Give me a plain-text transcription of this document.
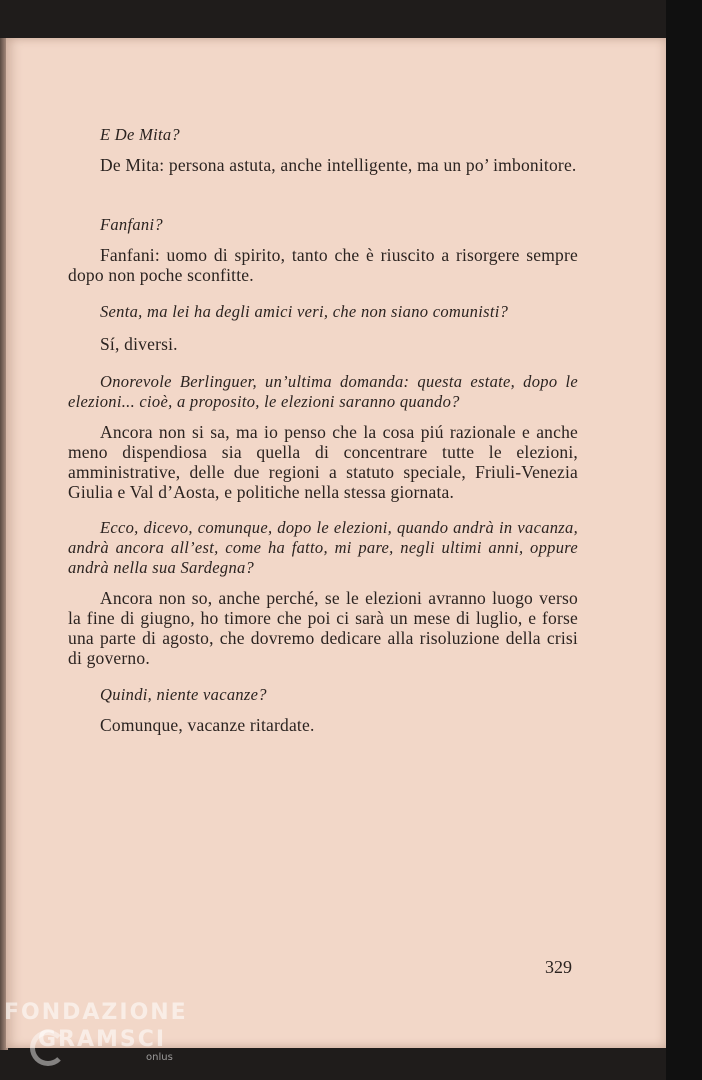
E De Mita?

De Mita: persona astuta, anche intelligente, ma un po’ imbonitore.

Fanfani?

Fanfani: uomo di spirito, tanto che è riuscito a risorgere sempre dopo non poche sconfitte.

Senta, ma lei ha degli amici veri, che non siano comunisti?

Sí, diversi.

Onorevole Berlinguer, un’ultima domanda: questa estate, dopo le elezioni... cioè, a proposito, le elezioni saranno quando?

Ancora non si sa, ma io penso che la cosa piú razionale e anche meno dispendiosa sia quella di concentrare tutte le elezioni, amministrative, delle due regioni a statuto speciale, Friuli-Venezia Giulia e Val d’Aosta, e politiche nella stessa giornata.

Ecco, dicevo, comunque, dopo le elezioni, quando andrà in vacanza, andrà ancora all’est, come ha fatto, mi pare, negli ultimi anni, oppure andrà nella sua Sardegna?

Ancora non so, anche perché, se le elezioni avranno luogo verso la fine di giugno, ho timore che poi ci sarà un mese di luglio, e forse una parte di agosto, che dovremo dedicare alla risoluzione della crisi di governo.

Quindi, niente vacanze?

Comunque, vacanze ritardate.

329
FONDAZIONE
GRAMSCI
onlus
